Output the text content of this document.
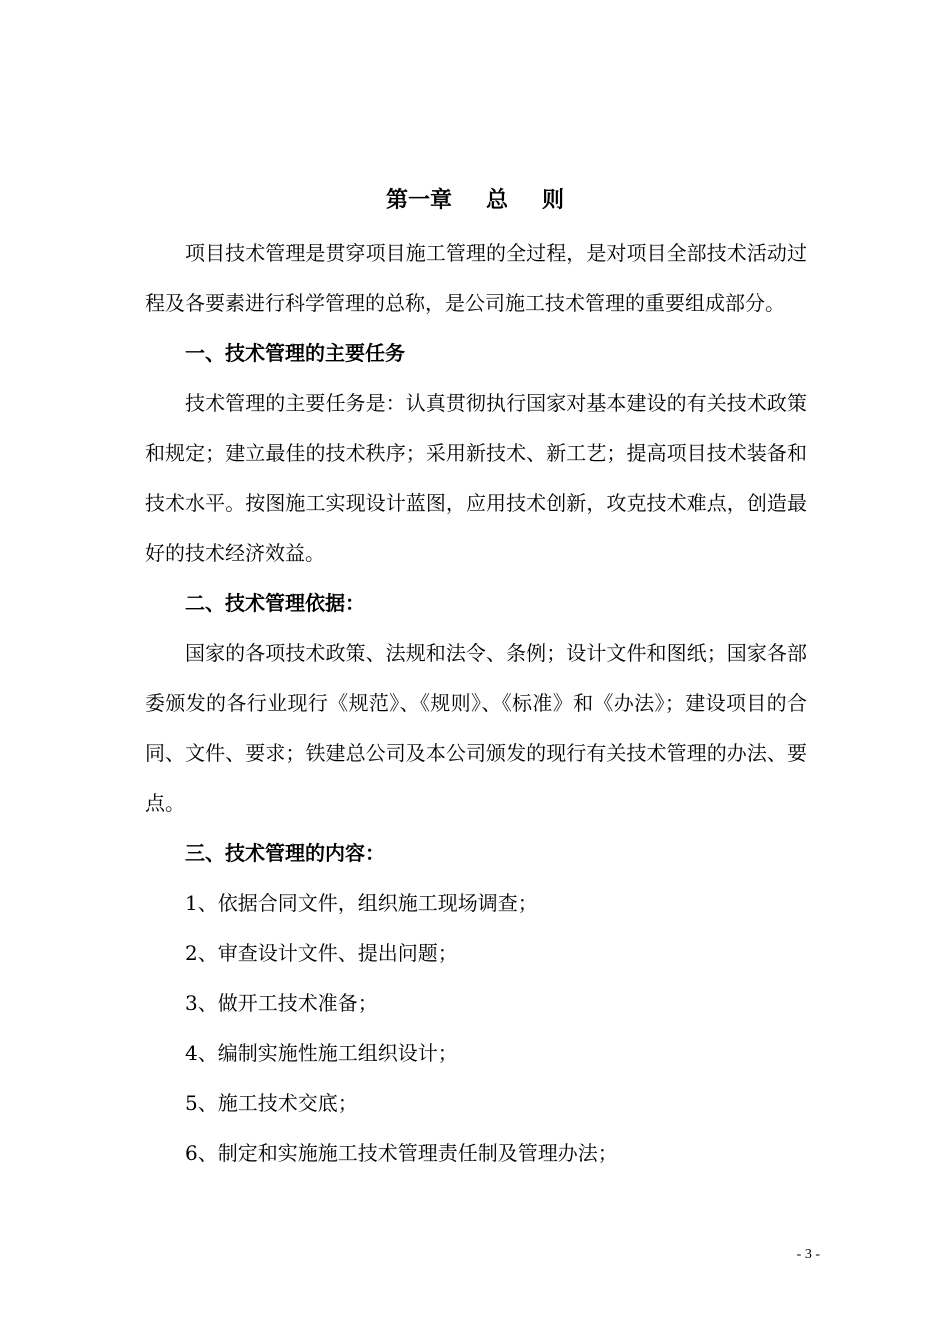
第一章 总 则

项目技术管理是贯穿项目施工管理的全过程，是对项目全部技术活动过程及各要素进行科学管理的总称，是公司施工技术管理的重要组成部分。

一、技术管理的主要任务

技术管理的主要任务是：认真贯彻执行国家对基本建设的有关技术政策和规定；建立最佳的技术秩序；采用新技术、新工艺；提高项目技术装备和技术水平。按图施工实现设计蓝图，应用技术创新，攻克技术难点，创造最好的技术经济效益。

二、技术管理依据：

国家的各项技术政策、法规和法令、条例；设计文件和图纸；国家各部委颁发的各行业现行《规范》、《规则》、《标准》和《办法》；建设项目的合同、文件、要求；铁建总公司及本公司颁发的现行有关技术管理的办法、要点。

三、技术管理的内容：

1、依据合同文件，组织施工现场调查；

2、审查设计文件、提出问题；

3、做开工技术准备；

4、编制实施性施工组织设计；

5、施工技术交底；

6、制定和实施施工技术管理责任制及管理办法；

- 3 -
